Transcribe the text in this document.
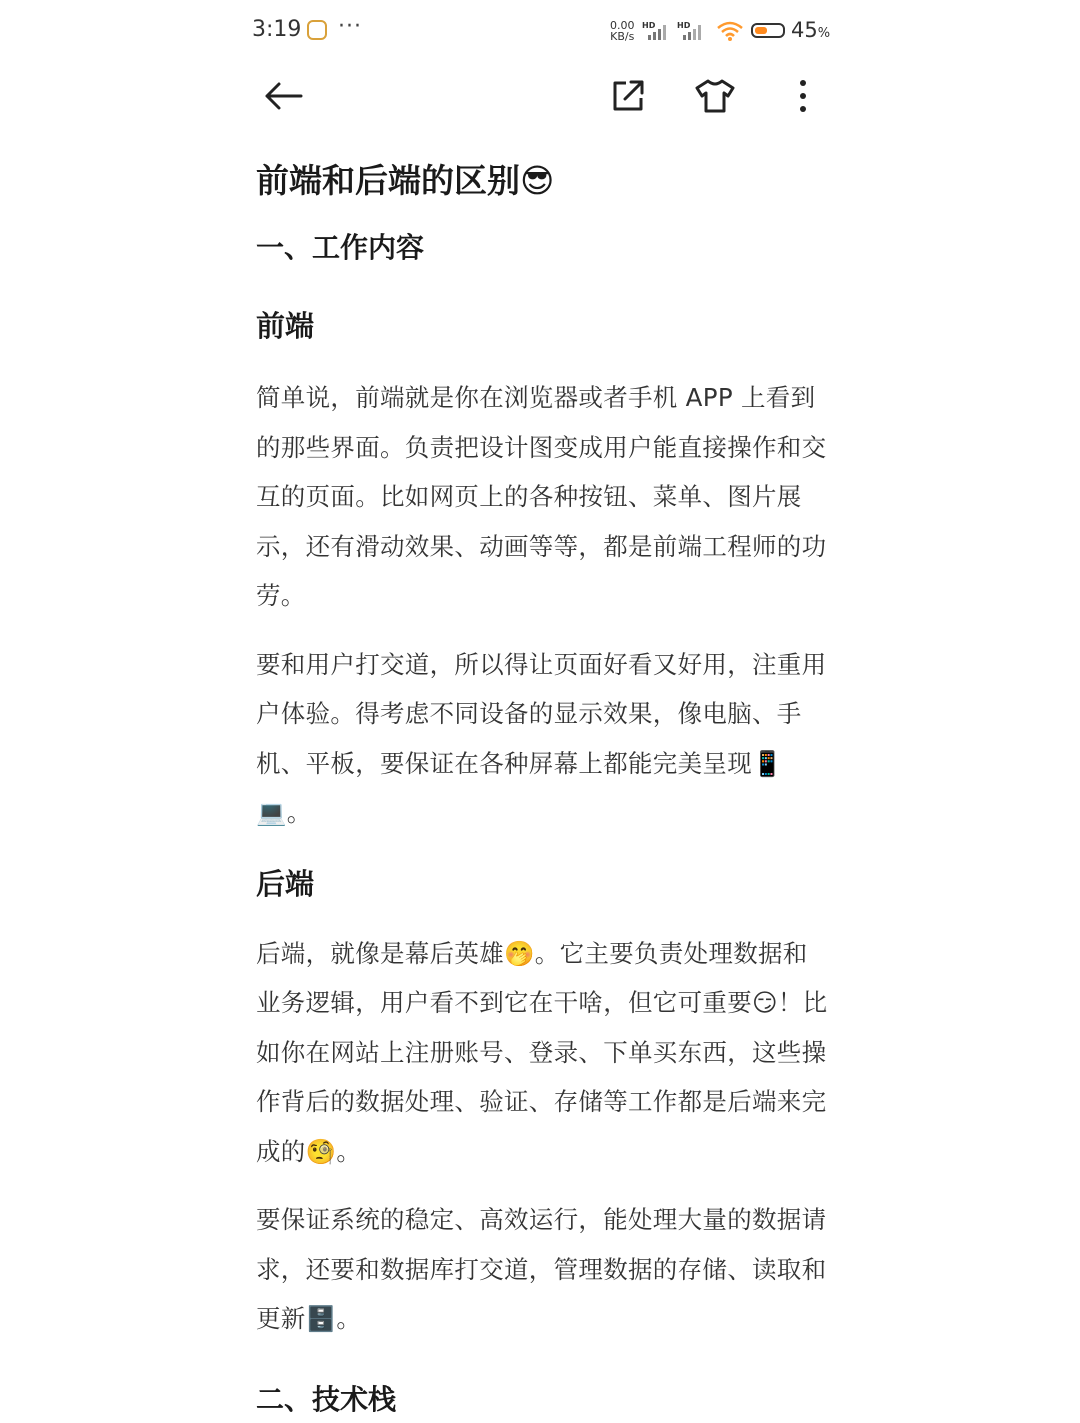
3:19 ···	0.00
KB/s
HD	HD	45%
前端和后端的区别😎
一、工作内容
前端

简单说，前端就是你在浏览器或者手机 APP 上看到的那些界面。负责把设计图变成用户能直接操作和交互的页面。比如网页上的各种按钮、菜单、图片展示，还有滑动效果、动画等等，都是前端工程师的功劳。

要和用户打交道，所以得让页面好看又好用，注重用户体验。得考虑不同设备的显示效果，像电脑、手机、平板，要保证在各种屏幕上都能完美呈现📱💻。

后端

后端，就像是幕后英雄🤭。它主要负责处理数据和业务逻辑，用户看不到它在干啥，但它可重要😏！比如你在网站上注册账号、登录、下单买东西，这些操作背后的数据处理、验证、存储等工作都是后端来完成的🧐。

要保证系统的稳定、高效运行，能处理大量的数据请求，还要和数据库打交道，管理数据的存储、读取和更新🗄️。

二、技术栈
